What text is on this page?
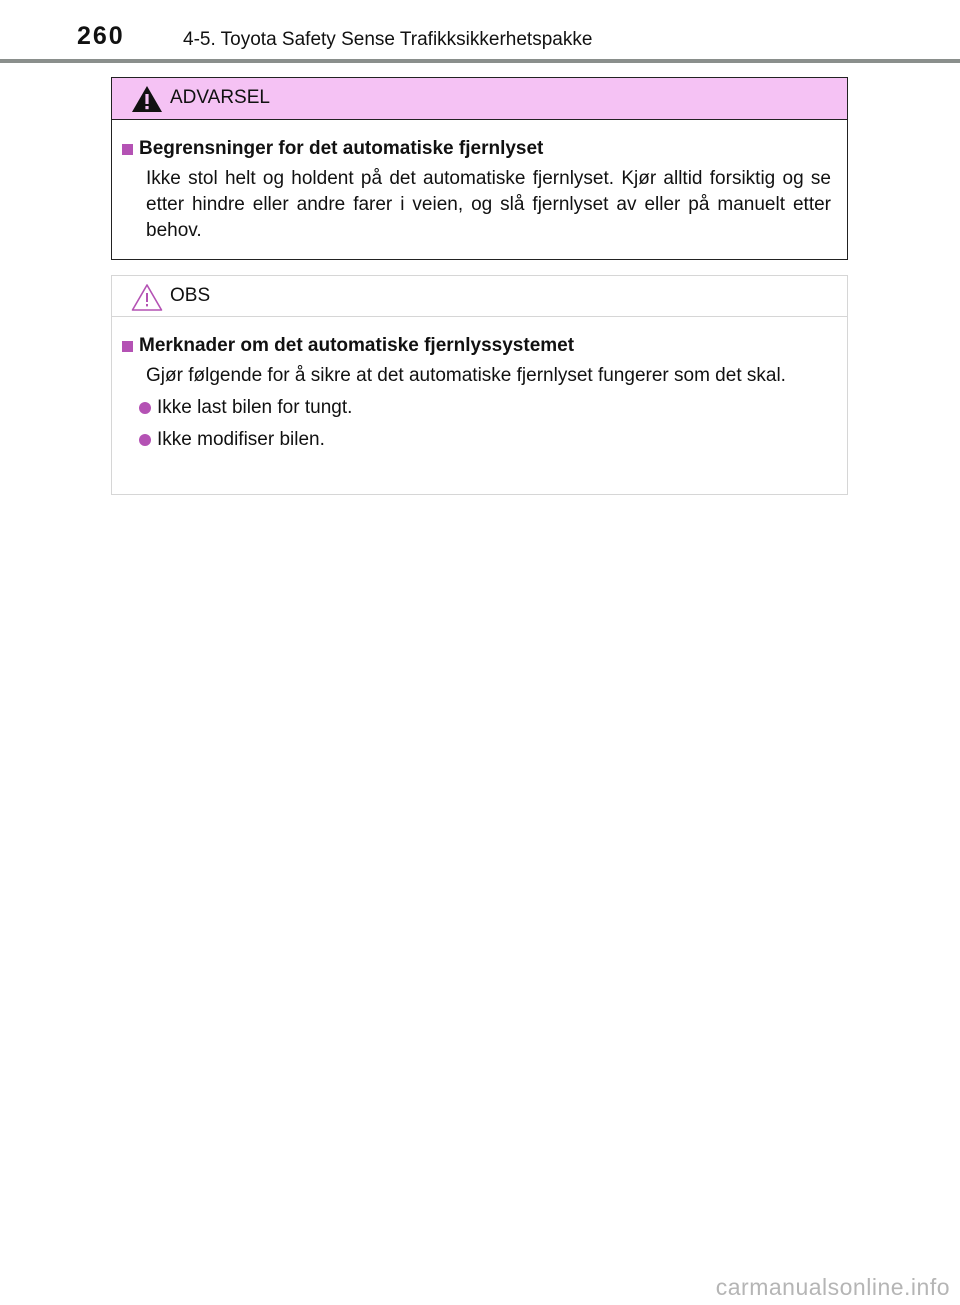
260	4-5. Toyota Safety Sense Trafikksikkerhetspakke
ADVARSEL
Begrensninger for det automatiske fjernlyset

Ikke stol helt og holdent på det automatiske fjernlyset. Kjør alltid forsiktig og se etter hindre eller andre farer i veien, og slå fjernlyset av eller på manuelt etter behov.

OBS
Merknader om det automatiske fjernlyssystemet

Gjør følgende for å sikre at det automatiske fjernlyset fungerer som det skal.

Ikke last bilen for tungt.
Ikke modifiser bilen.
carmanualsonline.info
